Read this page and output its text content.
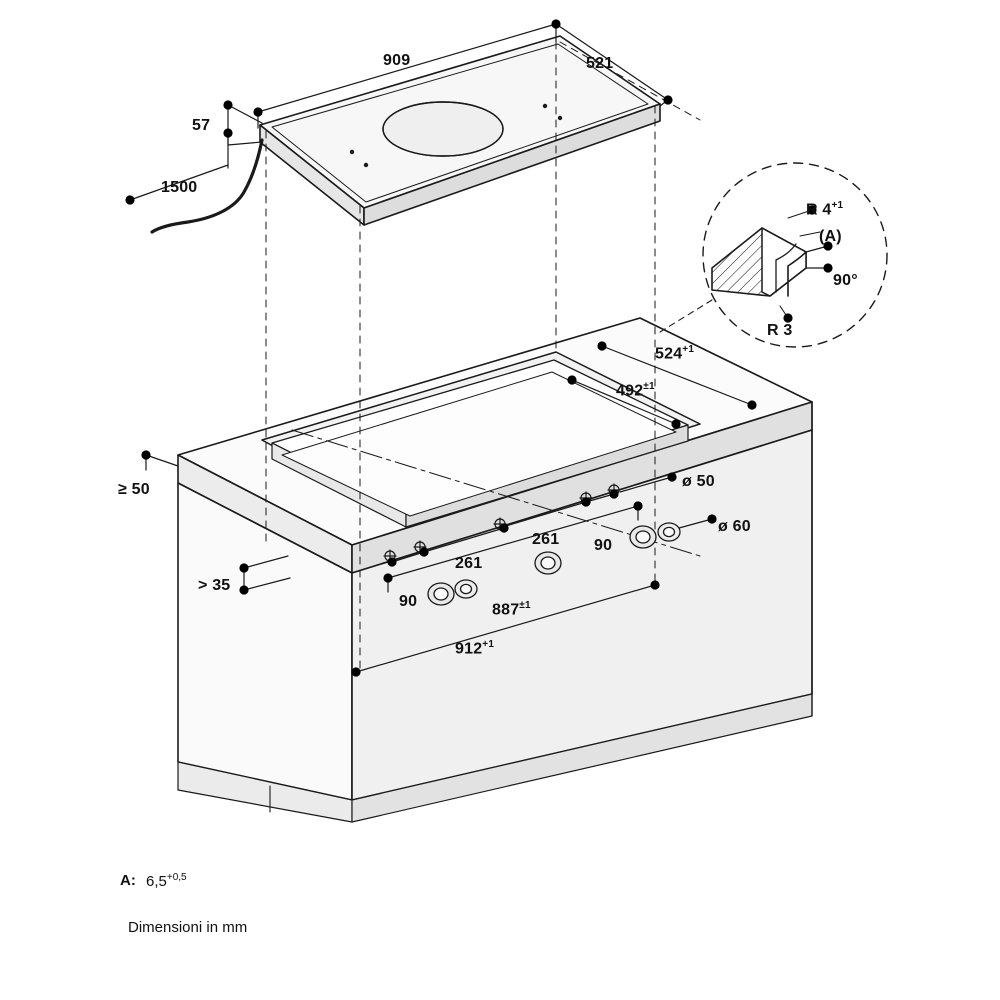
909	521
57
1500
$524^{+1}$
$492^{\pm 1}$
≥ 50
> 35
ø 50
ø 60
261
261
90
90	$887^{\pm 1}$
$912^{+1}$
R $4^{+1}$
(A)
90°
R 3
A: $6,5^{+0,5}$
Dimensioni in mm
